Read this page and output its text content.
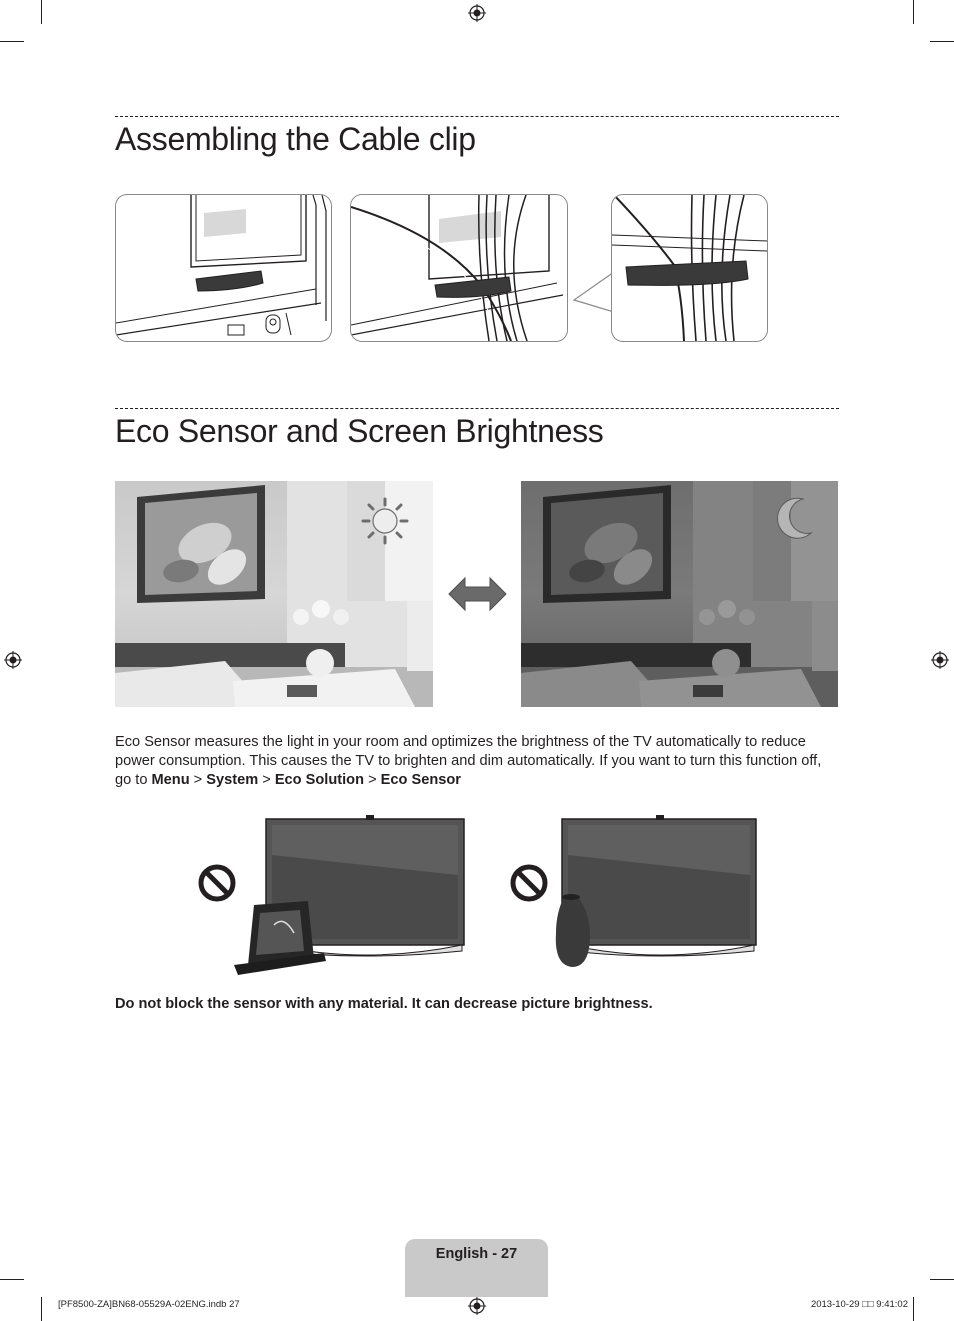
Assembling the Cable clip
Eco Sensor and Screen Brightness

Eco Sensor measures the light in your room and optimizes the brightness of the TV automatically to reduce power consumption. This causes the TV to brighten and dim automatically. If you want to turn this function off, go to Menu > System > Eco Solution > Eco Sensor

Do not block the sensor with any material. It can decrease picture brightness.
English - 27
[PF8500-ZA]BN68-05529A-02ENG.indb 27	2013-10-29 □□ 9:41:02
